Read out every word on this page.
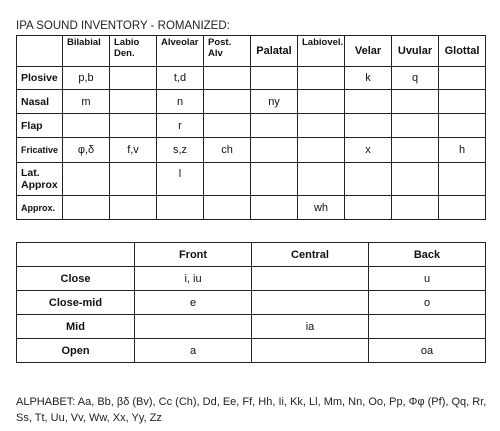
IPA SOUND INVENTORY - ROMANIZED:
	Bilabial	Labio Den.	Alveolar	Post. Alv	Palatal	Labiovel.	Velar	Uvular	Glottal
Plosive	p,b		t,d				k	q	
Nasal	m		n		ny				
Flap			r						
Fricative	φ,δ	f,v	s,z	ch			x		h
Lat. Approx			l						
Approx.						wh			
	Front	Central	Back
Close	i, iu		u
Close-mid	e		o
Mid		ia	
Open	a		oa
ALPHABET: Aa, Bb, βδ (Bv), Cc (Ch), Dd, Ee, Ff, Hh, Ii, Kk, Ll, Mm, Nn, Oo, Pp, Φφ (Pf), Qq, Rr, Ss, Tt, Uu, Vv, Ww, Xx, Yy, Zz
